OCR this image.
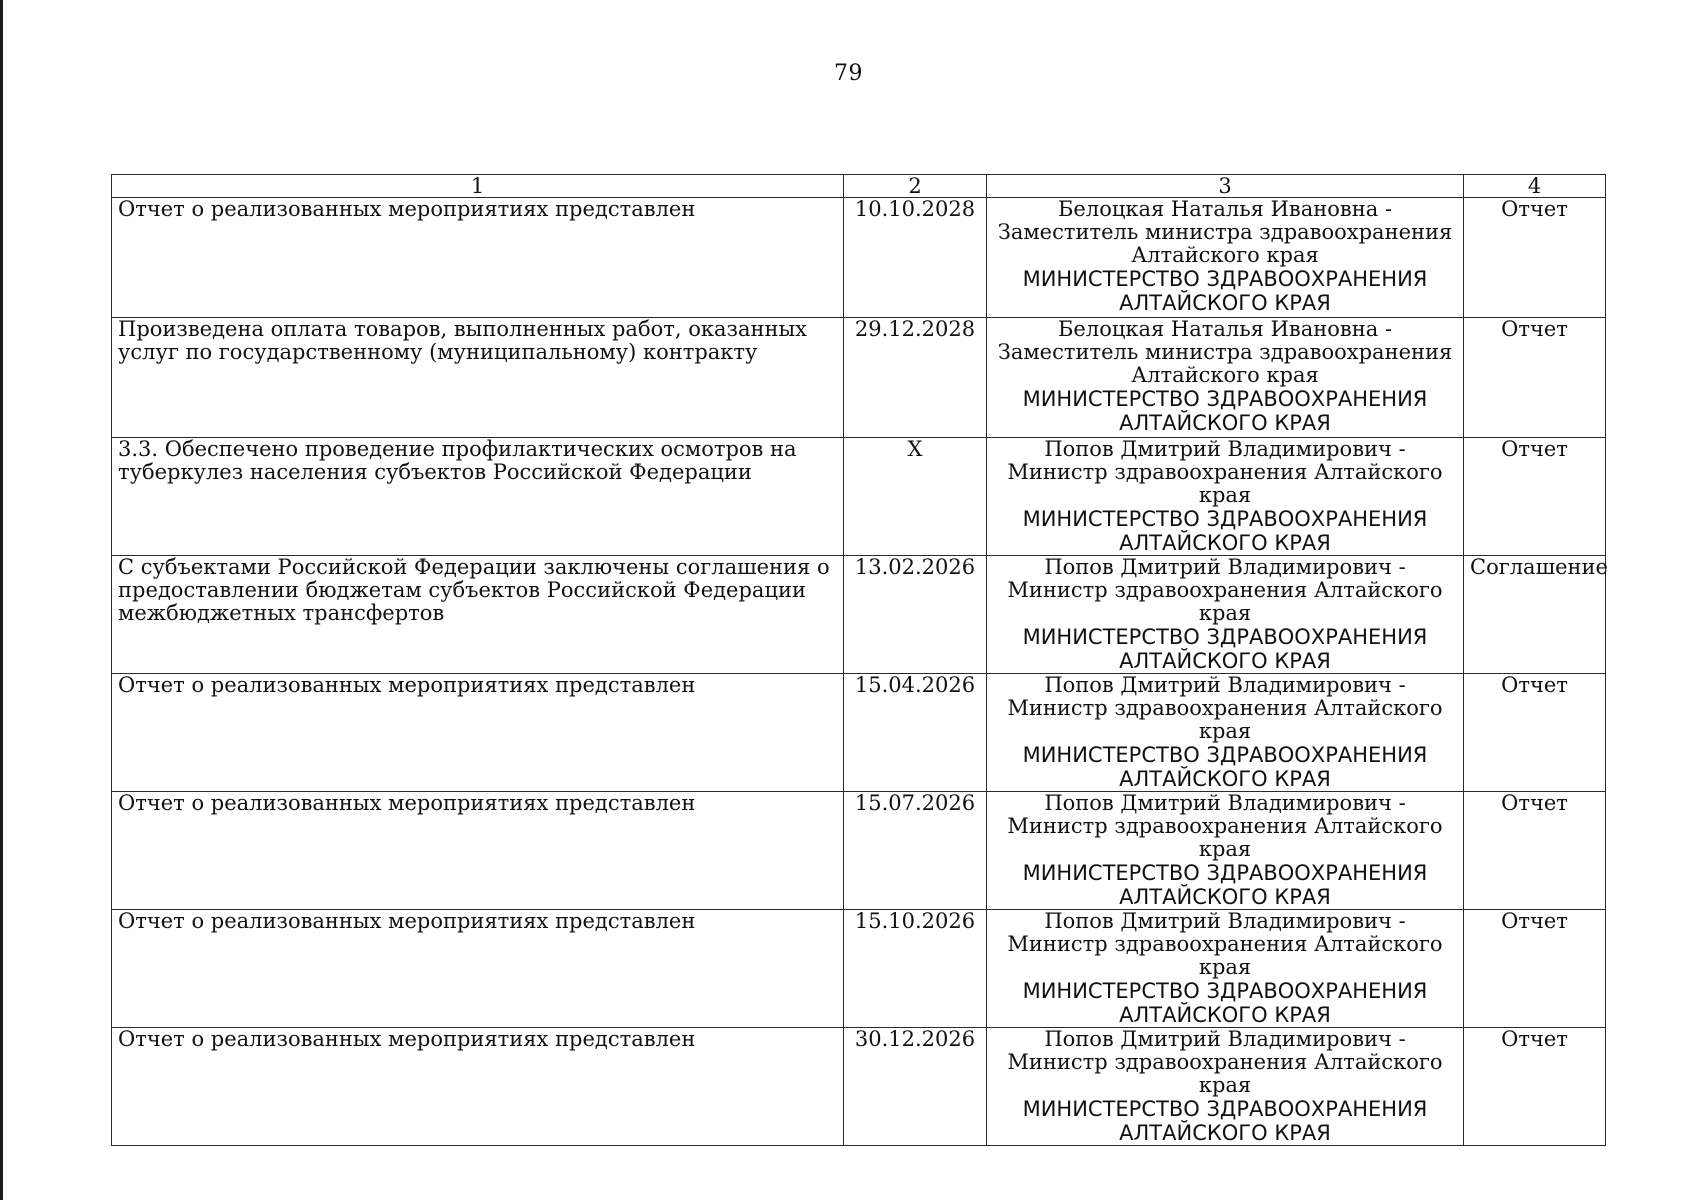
79
1	2	3	4
Отчет о реализованных мероприятиях представлен	10.10.2028	Белоцкая Наталья Ивановна - Заместитель министра здравоохранения Алтайского края
МИНИСТЕРСТВО ЗДРАВООХРАНЕНИЯ АЛТАЙСКОГО КРАЯ	Отчет
Произведена оплата товаров, выполненных работ, оказанных услуг по государственному (муниципальному) контракту	29.12.2028	Белоцкая Наталья Ивановна - Заместитель министра здравоохранения Алтайского края
МИНИСТЕРСТВО ЗДРАВООХРАНЕНИЯ АЛТАЙСКОГО КРАЯ	Отчет
3.3. Обеспечено проведение профилактических осмотров на туберкулез населения субъектов Российской Федерации	X	Попов Дмитрий Владимирович - Министр здравоохранения Алтайского края
МИНИСТЕРСТВО ЗДРАВООХРАНЕНИЯ АЛТАЙСКОГО КРАЯ	Отчет
С субъектами Российской Федерации заключены соглашения о предоставлении бюджетам субъектов Российской Федерации межбюджетных трансфертов	13.02.2026	Попов Дмитрий Владимирович - Министр здравоохранения Алтайского края
МИНИСТЕРСТВО ЗДРАВООХРАНЕНИЯ АЛТАЙСКОГО КРАЯ	Соглашение
Отчет о реализованных мероприятиях представлен	15.04.2026	Попов Дмитрий Владимирович - Министр здравоохранения Алтайского края
МИНИСТЕРСТВО ЗДРАВООХРАНЕНИЯ АЛТАЙСКОГО КРАЯ	Отчет
Отчет о реализованных мероприятиях представлен	15.07.2026	Попов Дмитрий Владимирович - Министр здравоохранения Алтайского края
МИНИСТЕРСТВО ЗДРАВООХРАНЕНИЯ АЛТАЙСКОГО КРАЯ	Отчет
Отчет о реализованных мероприятиях представлен	15.10.2026	Попов Дмитрий Владимирович - Министр здравоохранения Алтайского края
МИНИСТЕРСТВО ЗДРАВООХРАНЕНИЯ АЛТАЙСКОГО КРАЯ	Отчет
Отчет о реализованных мероприятиях представлен	30.12.2026	Попов Дмитрий Владимирович - Министр здравоохранения Алтайского края
МИНИСТЕРСТВО ЗДРАВООХРАНЕНИЯ АЛТАЙСКОГО КРАЯ	Отчет
